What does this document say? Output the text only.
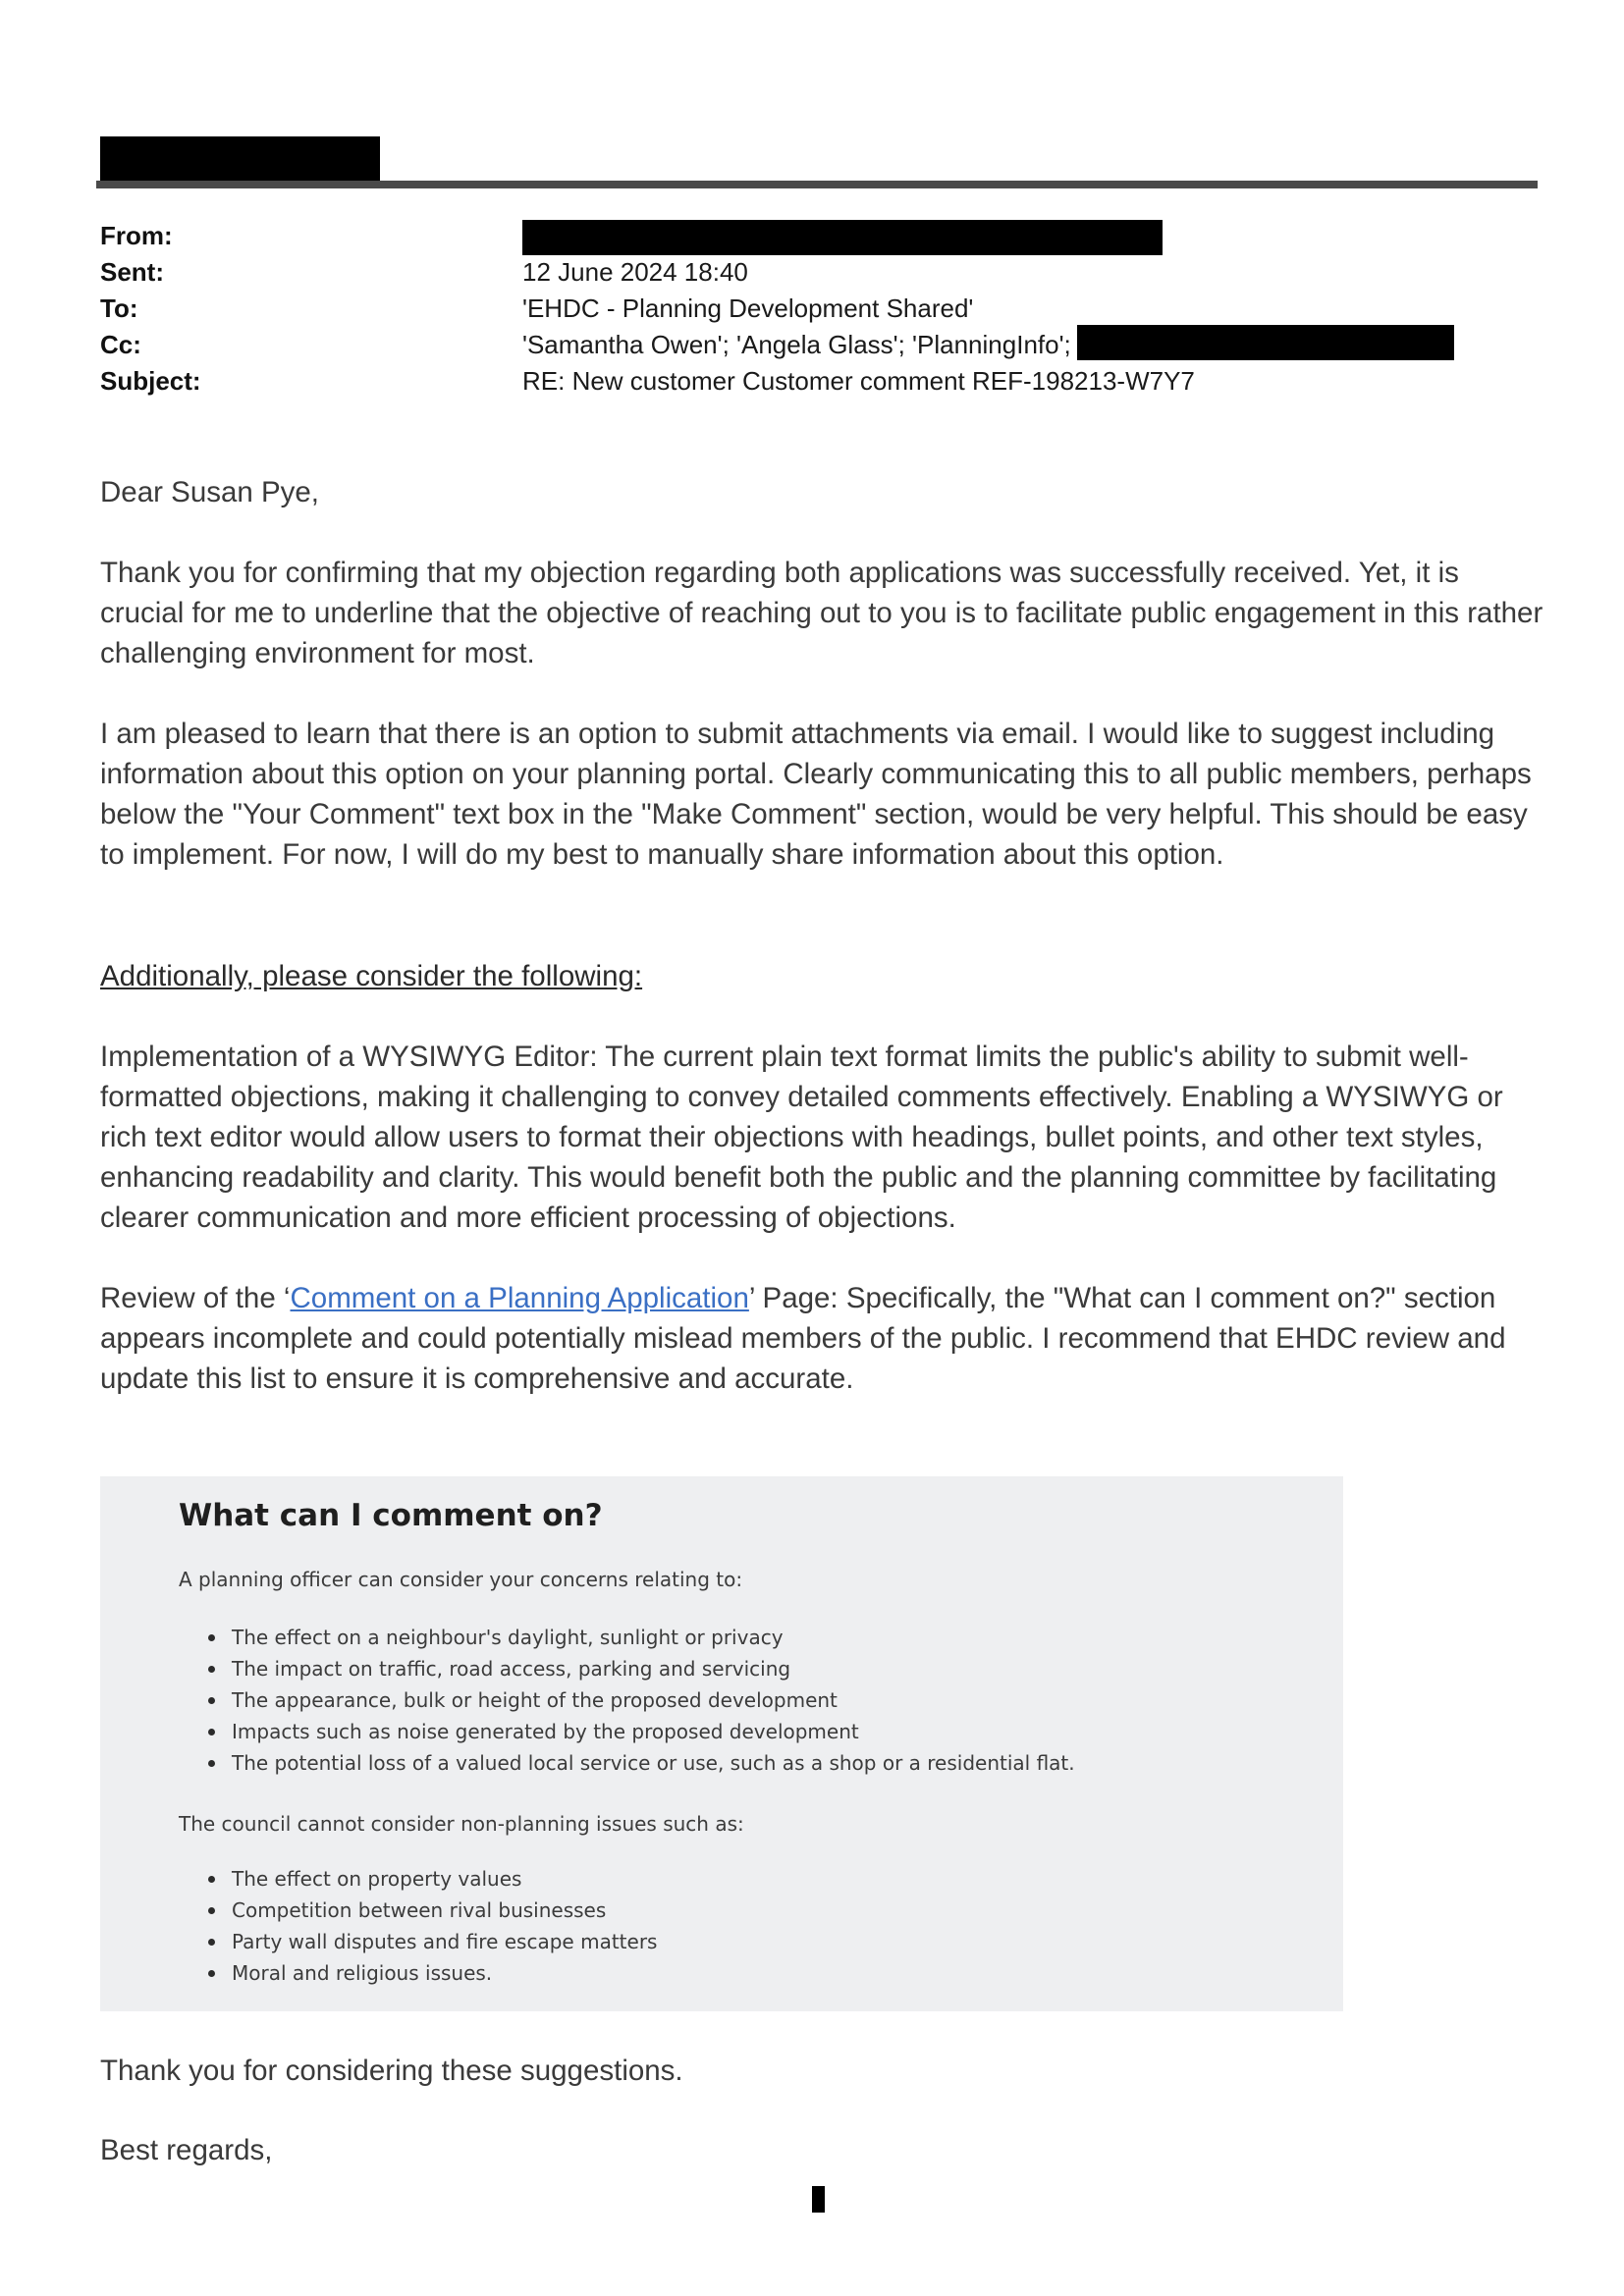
From:
Sent:	12 June 2024 18:40
To:	'EHDC - Planning Development Shared'
Cc:	'Samantha Owen'; 'Angela Glass'; 'PlanningInfo';
Subject:	RE: New customer Customer comment REF-198213-W7Y7
Dear Susan Pye,
Thank you for confirming that my objection regarding both applications was successfully received. Yet, it is crucial for me to underline that the objective of reaching out to you is to facilitate public engagement in this rather challenging environment for most.
I am pleased to learn that there is an option to submit attachments via email. I would like to suggest including information about this option on your planning portal. Clearly communicating this to all public members, perhaps below the "Your Comment" text box in the "Make Comment" section, would be very helpful. This should be easy to implement. For now, I will do my best to manually share information about this option.
Additionally, please consider the following:
Implementation of a WYSIWYG Editor: The current plain text format limits the public's ability to submit well-formatted objections, making it challenging to convey detailed comments effectively. Enabling a WYSIWYG or rich text editor would allow users to format their objections with headings, bullet points, and other text styles, enhancing readability and clarity. This would benefit both the public and the planning committee by facilitating clearer communication and more efficient processing of objections.
Review of the ‘Comment on a Planning Application’ Page: Specifically, the "What can I comment on?" section appears incomplete and could potentially mislead members of the public. I recommend that EHDC review and update this list to ensure it is comprehensive and accurate.
What can I comment on?
A planning officer can consider your concerns relating to:
The effect on a neighbour's daylight, sunlight or privacy
The impact on traffic, road access, parking and servicing
The appearance, bulk or height of the proposed development
Impacts such as noise generated by the proposed development
The potential loss of a valued local service or use, such as a shop or a residential flat.
The council cannot consider non-planning issues such as:
The effect on property values
Competition between rival businesses
Party wall disputes and fire escape matters
Moral and religious issues.
Thank you for considering these suggestions.
Best regards,
